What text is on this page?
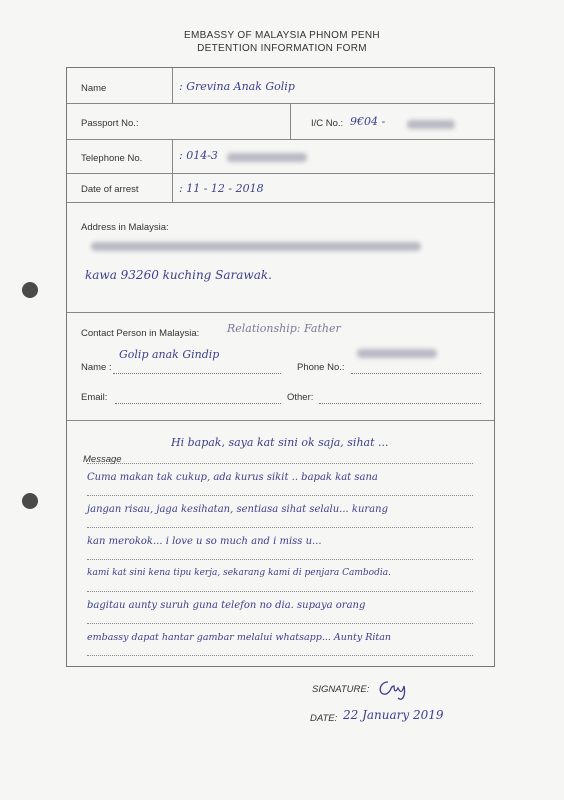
EMBASSY OF MALAYSIA PHNOM PENH
DETENTION INFORMATION FORM
Name	: Grevina Anak Golip
Passport No.:	I/C No.: 9€04 -
Telephone No.	: 014-3
Date of arrest	: 11 - 12 - 2018
Address in Malaysia:
kawa 93260 kuching Sarawak.
Contact Person in Malaysia:	Relationship: Father
Name :
Golip anak Gindip
Phone No.:
Email:	Other:
Message
Hi bapak, saya kat sini ok saja, sihat ...
Cuma makan tak cukup, ada kurus sikit .. bapak kat sana
jangan risau, jaga kesihatan, sentiasa sihat selalu... kurang
kan merokok... i love u so much and i miss u...
kami kat sini kena tipu kerja, sekarang kami di penjara Cambodia.
bagitau aunty suruh guna telefon no dia. supaya orang
embassy dapat hantar gambar melalui whatsapp... Aunty Ritan
SIGNATURE:
DATE: 22 January 2019
